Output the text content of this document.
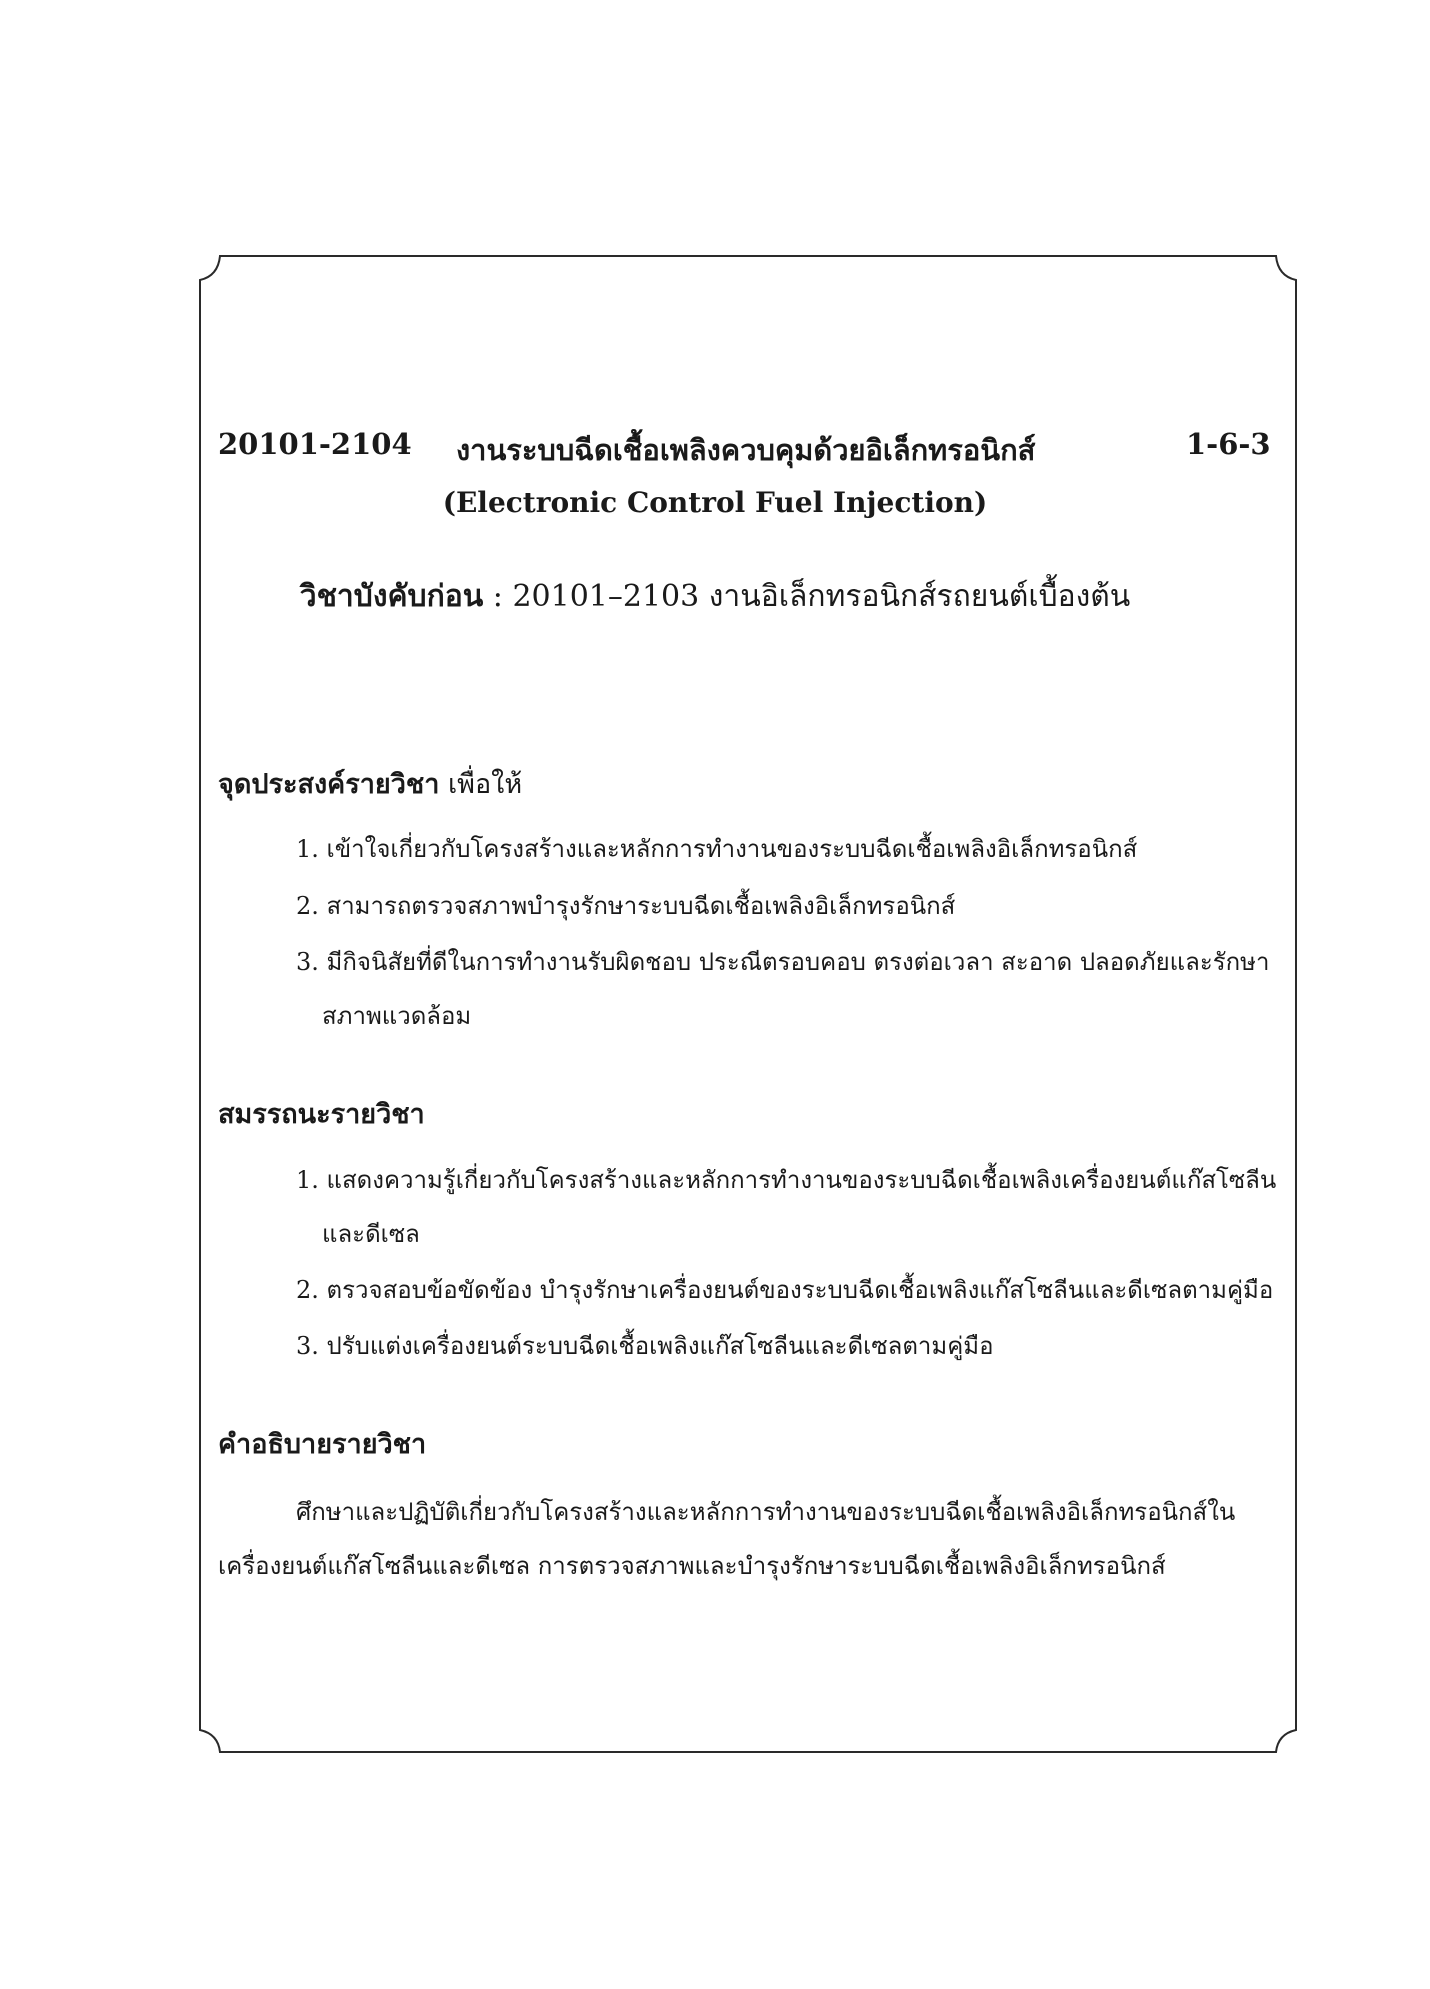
20101-2104 งานระบบฉีดเชื้อเพลิงควบคุมด้วยอิเล็กทรอนิกส์	1-6-3
(Electronic Control Fuel Injection)
วิชาบังคับก่อน : 20101–2103 งานอิเล็กทรอนิกส์รถยนต์เบื้องต้น
จุดประสงค์รายวิชา เพื่อให้
1. เข้าใจเกี่ยวกับโครงสร้างและหลักการทำงานของระบบฉีดเชื้อเพลิงอิเล็กทรอนิกส์
2. สามารถตรวจสภาพบำรุงรักษาระบบฉีดเชื้อเพลิงอิเล็กทรอนิกส์
3. มีกิจนิสัยที่ดีในการทำงานรับผิดชอบ ประณีตรอบคอบ ตรงต่อเวลา สะอาด ปลอดภัยและรักษา
สภาพแวดล้อม
สมรรถนะรายวิชา
1. แสดงความรู้เกี่ยวกับโครงสร้างและหลักการทำงานของระบบฉีดเชื้อเพลิงเครื่องยนต์แก๊สโซลีน
และดีเซล
2. ตรวจสอบข้อขัดข้อง บำรุงรักษาเครื่องยนต์ของระบบฉีดเชื้อเพลิงแก๊สโซลีนและดีเซลตามคู่มือ
3. ปรับแต่งเครื่องยนต์ระบบฉีดเชื้อเพลิงแก๊สโซลีนและดีเซลตามคู่มือ
คำอธิบายรายวิชา
ศึกษาและปฏิบัติเกี่ยวกับโครงสร้างและหลักการทำงานของระบบฉีดเชื้อเพลิงอิเล็กทรอนิกส์ใน
เครื่องยนต์แก๊สโซลีนและดีเซล การตรวจสภาพและบำรุงรักษาระบบฉีดเชื้อเพลิงอิเล็กทรอนิกส์
